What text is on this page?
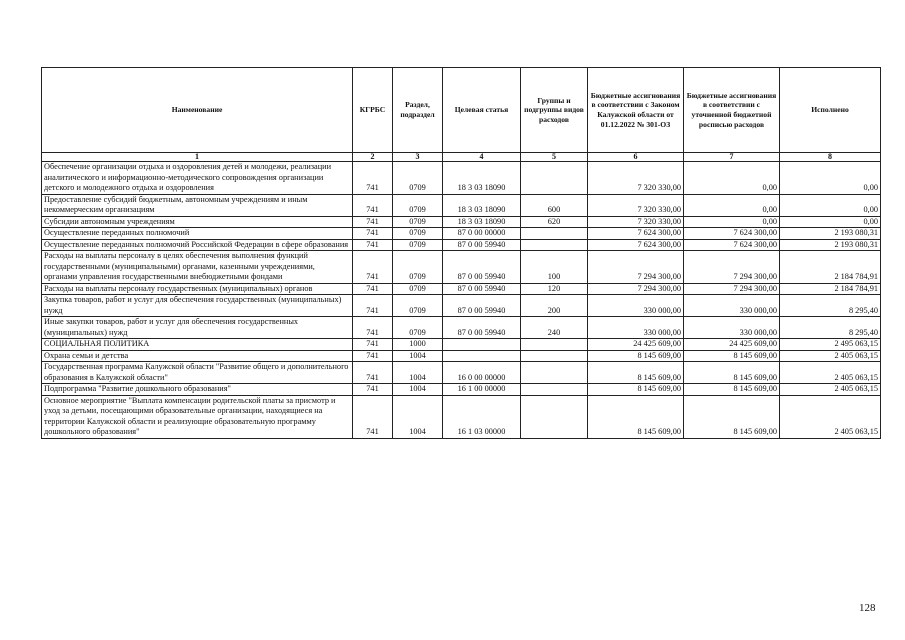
Наименование	КГРБС	Раздел, подраздел	Целевая статья	Группы и подгруппы видов расходов	Бюджетные ассигнования в соответствии с Законом Калужской области от 01.12.2022 № 301-ОЗ	Бюджетные ассигнования в соответствии с уточненной бюджетной росписью расходов	Исполнено
1	2	3	4	5	6	7	8
Обеспечение организации отдыха и оздоровления детей и молодежи, реализации аналитического и информационно-методического сопровождения организации детского и молодежного отдыха и оздоровления	741	0709	18 3 03 18090		7 320 330,00	0,00	0,00
Предоставление субсидий бюджетным, автономным учреждениям и иным некоммерческим организациям	741	0709	18 3 03 18090	600	7 320 330,00	0,00	0,00
Субсидии автономным учреждениям	741	0709	18 3 03 18090	620	7 320 330,00	0,00	0,00
Осуществление переданных полномочий	741	0709	87 0 00 00000		7 624 300,00	7 624 300,00	2 193 080,31
Осуществление переданных полномочий Российской Федерации в сфере образования	741	0709	87 0 00 59940		7 624 300,00	7 624 300,00	2 193 080,31
Расходы на выплаты персоналу в целях обеспечения выполнения функций государственными (муниципальными) органами, казенными учреждениями, органами управления государственными внебюджетными фондами	741	0709	87 0 00 59940	100	7 294 300,00	7 294 300,00	2 184 784,91
Расходы на выплаты персоналу государственных (муниципальных) органов	741	0709	87 0 00 59940	120	7 294 300,00	7 294 300,00	2 184 784,91
Закупка товаров, работ и услуг для обеспечения государственных (муниципальных) нужд	741	0709	87 0 00 59940	200	330 000,00	330 000,00	8 295,40
Иные закупки товаров, работ и услуг для обеспечения государственных (муниципальных) нужд	741	0709	87 0 00 59940	240	330 000,00	330 000,00	8 295,40
СОЦИАЛЬНАЯ ПОЛИТИКА	741	1000			24 425 609,00	24 425 609,00	2 495 063,15
Охрана семьи и детства	741	1004			8 145 609,00	8 145 609,00	2 405 063,15
Государственная программа Калужской области "Развитие общего и дополнительного образования в Калужской области"	741	1004	16 0 00 00000		8 145 609,00	8 145 609,00	2 405 063,15
Подпрограмма "Развитие дошкольного образования"	741	1004	16 1 00 00000		8 145 609,00	8 145 609,00	2 405 063,15
Основное мероприятие "Выплата компенсации родительской платы за присмотр и уход за детьми, посещающими образовательные организации, находящиеся на территории Калужской области и реализующие образовательную программу дошкольного образования"	741	1004	16 1 03 00000		8 145 609,00	8 145 609,00	2 405 063,15
128
